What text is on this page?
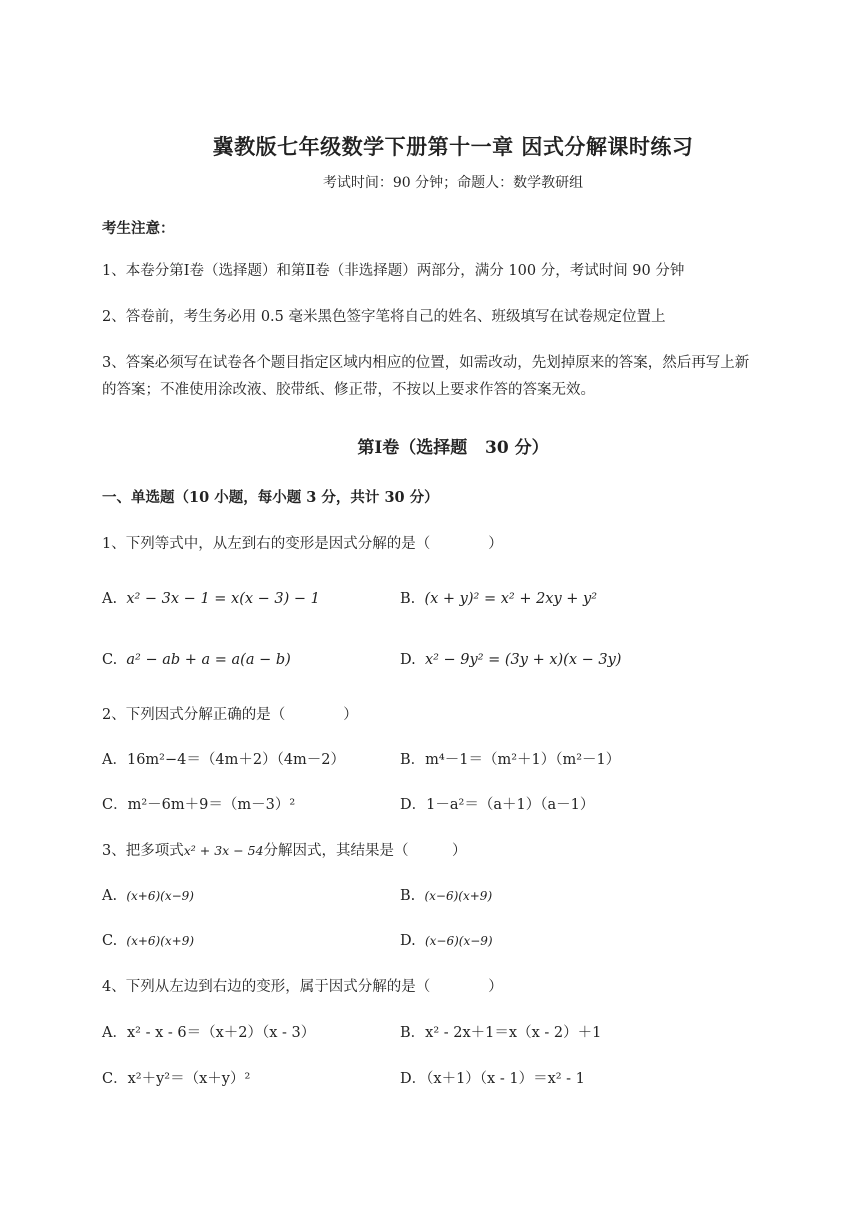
冀教版七年级数学下册第十一章 因式分解课时练习
考试时间：90 分钟；命题人：数学教研组
考生注意：
1、本卷分第Ⅰ卷（选择题）和第Ⅱ卷（非选择题）两部分，满分 100 分，考试时间 90 分钟
2、答卷前，考生务必用 0.5 毫米黑色签字笔将自己的姓名、班级填写在试卷规定位置上
3、答案必须写在试卷各个题目指定区域内相应的位置，如需改动，先划掉原来的答案，然后再写上新
的答案；不准使用涂改液、胶带纸、修正带，不按以上要求作答的答案无效。
第Ⅰ卷（选择题   30 分）
一、单选题（10 小题，每小题 3 分，共计 30 分）
1、下列等式中，从左到右的变形是因式分解的是（　　　　）
A.  x² − 3x − 1 = x(x − 3) − 1	B.  (x + y)² = x² + 2xy + y²
C.  a² − ab + a = a(a − b)	D.  x² − 9y² = (3y + x)(x − 3y)
2、下列因式分解正确的是（　　　　）
A．16m²−4＝（4m＋2）（4m－2）	B．m⁴－1＝（m²＋1）（m²－1）
C．m²－6m＋9＝（m－3）²	D．1－a²＝（a＋1）（a－1）
3、把多项式x² + 3x − 54分解因式，其结果是（　　　）
A.  (x+6)(x−9)	B.  (x−6)(x+9)
C.  (x+6)(x+9)	D.  (x−6)(x−9)
4、下列从左边到右边的变形，属于因式分解的是（　　　　）
A．x² - x - 6＝（x＋2）（x - 3）	B．x² - 2x＋1＝x（x - 2）＋1
C．x²＋y²＝（x＋y）²	D．（x＋1）（x - 1）＝x² - 1
